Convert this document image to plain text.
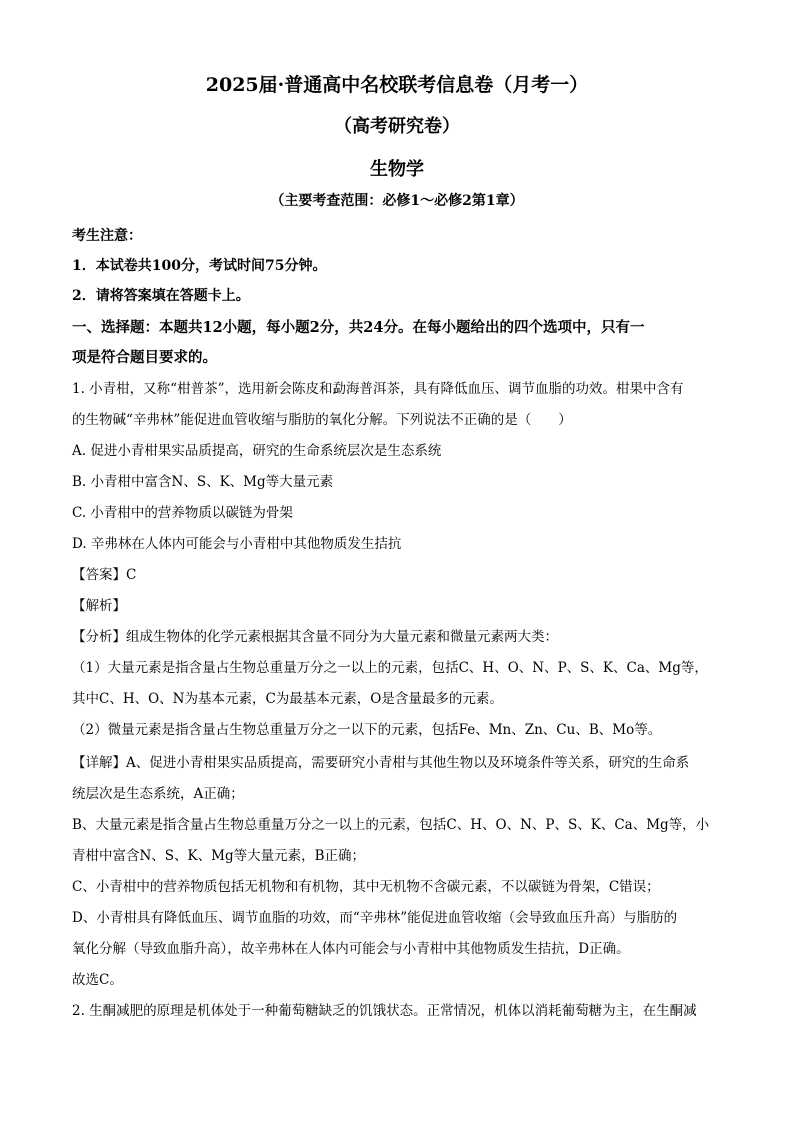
2025届·普通高中名校联考信息卷（月考一）
（高考研究卷）
生物学
（主要考查范围：必修1～必修2第1章）
考生注意：
1．本试卷共100分，考试时间75分钟。
2．请将答案填在答题卡上。
一、选择题：本题共12小题，每小题2分，共24分。在每小题给出的四个选项中，只有一
项是符合题目要求的。
1. 小青柑，又称“柑普茶”，选用新会陈皮和勐海普洱茶，具有降低血压、调节血脂的功效。柑果中含有
的生物碱“辛弗林”能促进血管收缩与脂肪的氧化分解。下列说法不正确的是（　　）
A. 促进小青柑果实品质提高，研究的生命系统层次是生态系统
B. 小青柑中富含N、S、K、Mg等大量元素
C. 小青柑中的营养物质以碳链为骨架
D. 辛弗林在人体内可能会与小青柑中其他物质发生拮抗
【答案】C
【解析】
【分析】组成生物体的化学元素根据其含量不同分为大量元素和微量元素两大类：
（1）大量元素是指含量占生物总重量万分之一以上的元素，包括C、H、O、N、P、S、K、Ca、Mg等，
其中C、H、O、N为基本元素，C为最基本元素，O是含量最多的元素。
（2）微量元素是指含量占生物总重量万分之一以下的元素，包括Fe、Mn、Zn、Cu、B、Mo等。
【详解】A、促进小青柑果实品质提高，需要研究小青柑与其他生物以及环境条件等关系，研究的生命系
统层次是生态系统，A正确；
B、大量元素是指含量占生物总重量万分之一以上的元素，包括C、H、O、N、P、S、K、Ca、Mg等，小
青柑中富含N、S、K、Mg等大量元素，B正确；
C、小青柑中的营养物质包括无机物和有机物，其中无机物不含碳元素，不以碳链为骨架，C错误；
D、小青柑具有降低血压、调节血脂的功效，而“辛弗林”能促进血管收缩（会导致血压升高）与脂肪的
氧化分解（导致血脂升高），故辛弗林在人体内可能会与小青柑中其他物质发生拮抗，D正确。
故选C。
2. 生酮减肥的原理是机体处于一种葡萄糖缺乏的饥饿状态。正常情况，机体以消耗葡萄糖为主，在生酮减
